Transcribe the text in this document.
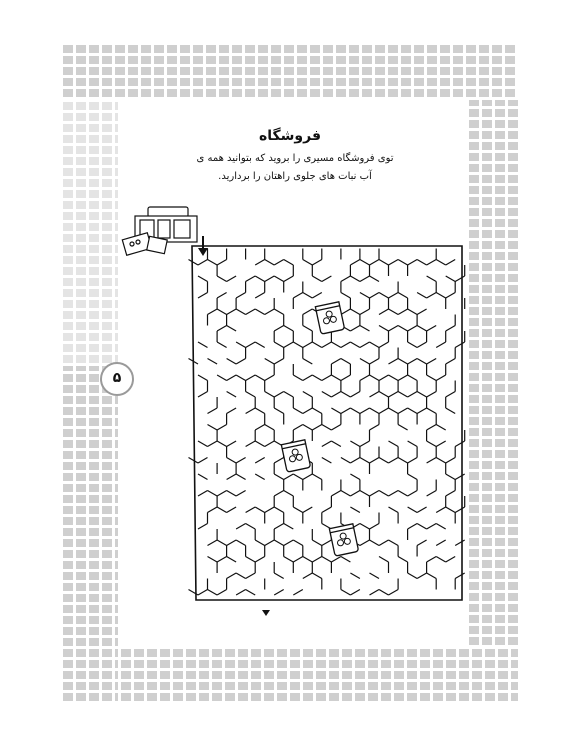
فروشگاه
توی فروشگاه مسیری را بروید که بتوانید همه ی
آب نبات های جلوی راهتان را بردارید.
۵
